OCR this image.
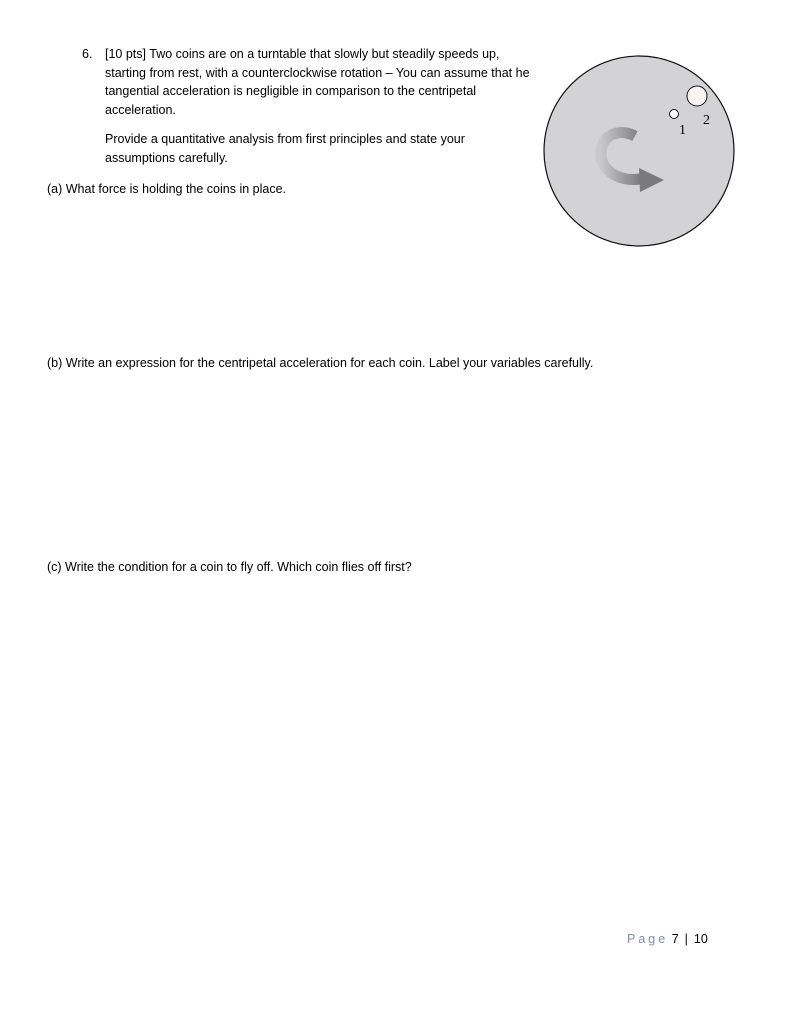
6. [10 pts] Two coins are on a turntable that slowly but steadily speeds up, starting from rest, with a counterclockwise rotation – You can assume that he tangential acceleration is negligible in comparison to the centripetal acceleration.

Provide a quantitative analysis from first principles and state your assumptions carefully.

(a) What force is holding the coins in place.
(b) Write an expression for the centripetal acceleration for each coin. Label your variables carefully.
(c) Write the condition for a coin to fly off. Which coin flies off first?
1
2
Page 7 | 10
